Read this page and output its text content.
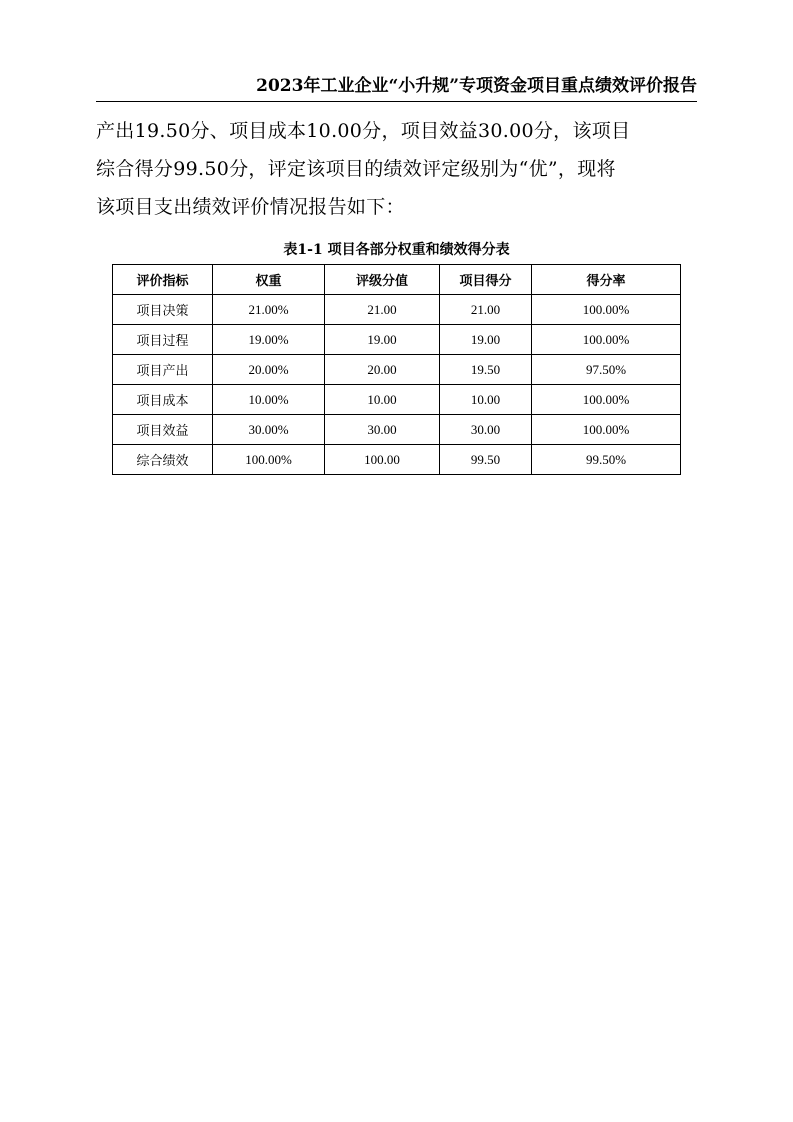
2023年工业企业“小升规”专项资金项目重点绩效评价报告
产出19.50分、项目成本10.00分，项目效益30.00分，该项目
综合得分99.50分，评定该项目的绩效评定级别为“优”，现将
该项目支出绩效评价情况报告如下：
表1-1 项目各部分权重和绩效得分表
评价指标	权重	评级分值	项目得分	得分率
项目决策	21.00%	21.00	21.00	100.00%
项目过程	19.00%	19.00	19.00	100.00%
项目产出	20.00%	20.00	19.50	97.50%
项目成本	10.00%	10.00	10.00	100.00%
项目效益	30.00%	30.00	30.00	100.00%
综合绩效	100.00%	100.00	99.50	99.50%
